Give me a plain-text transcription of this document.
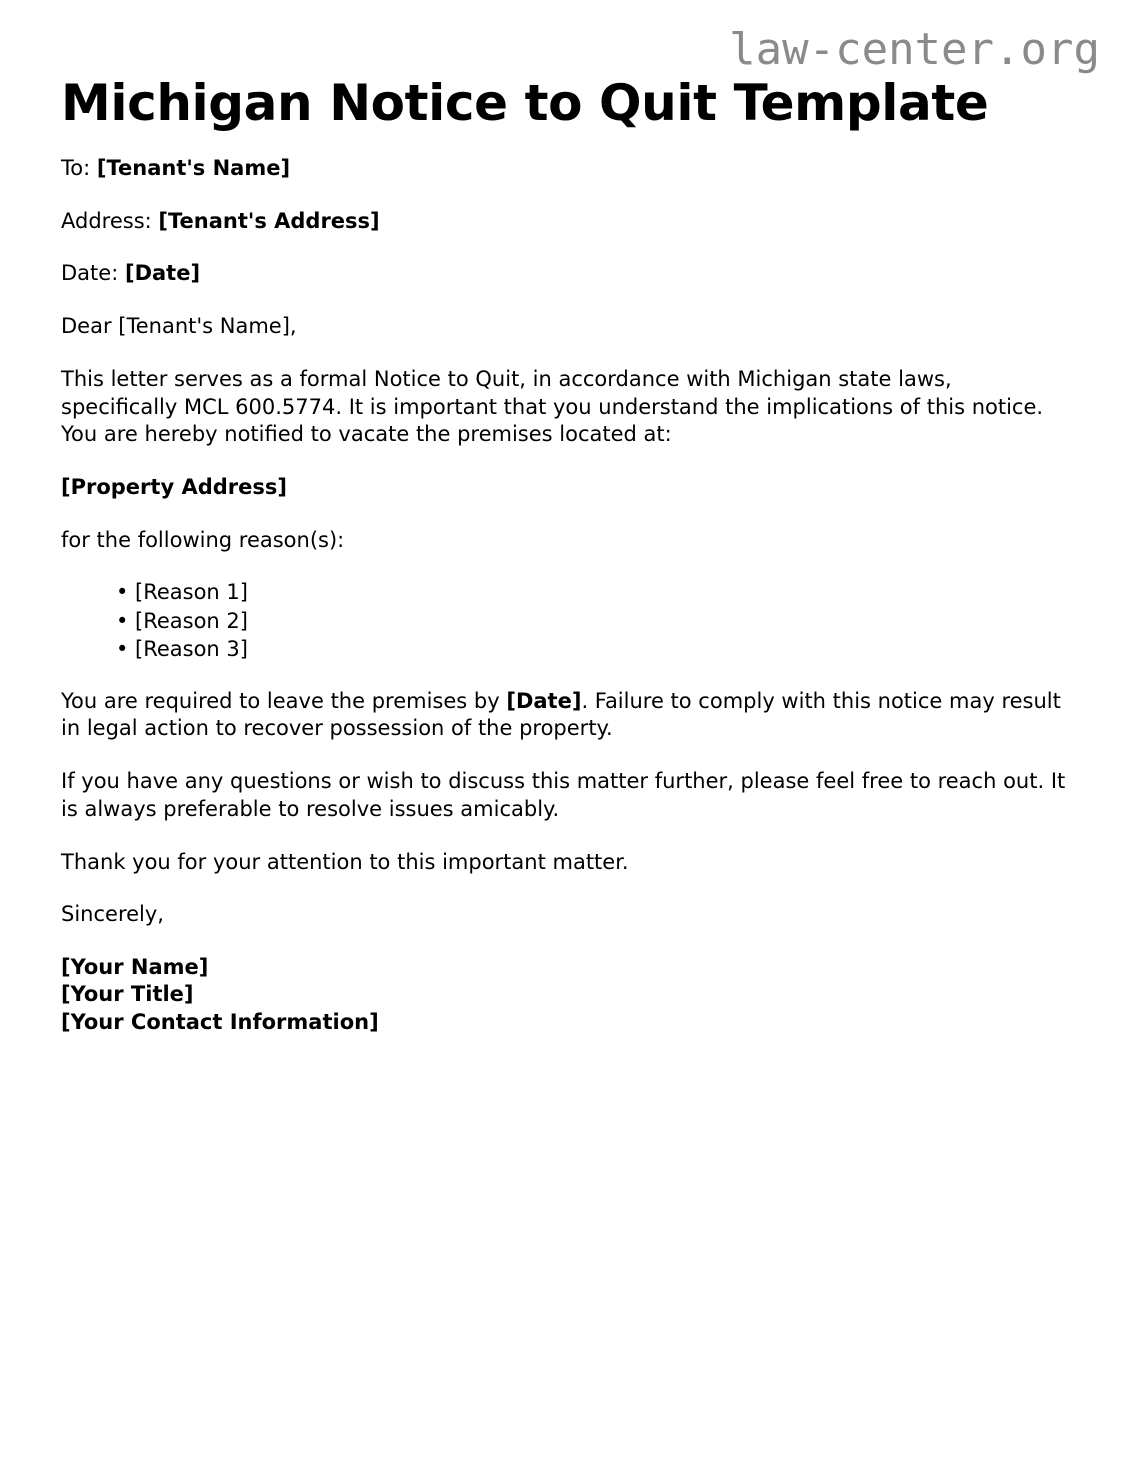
law-center.org
Michigan Notice to Quit Template

To: [Tenant's Name]

Address: [Tenant's Address]

Date: [Date]

Dear [Tenant's Name],

This letter serves as a formal Notice to Quit, in accordance with Michigan state laws, specifically MCL 600.5774. It is important that you understand the implications of this notice. You are hereby notified to vacate the premises located at:

[Property Address]

for the following reason(s):

• [Reason 1]
• [Reason 2]
• [Reason 3]

You are required to leave the premises by [Date]. Failure to comply with this notice may result in legal action to recover possession of the property.

If you have any questions or wish to discuss this matter further, please feel free to reach out. It is always preferable to resolve issues amicably.

Thank you for your attention to this important matter.

Sincerely,

[Your Name]
[Your Title]
[Your Contact Information]
